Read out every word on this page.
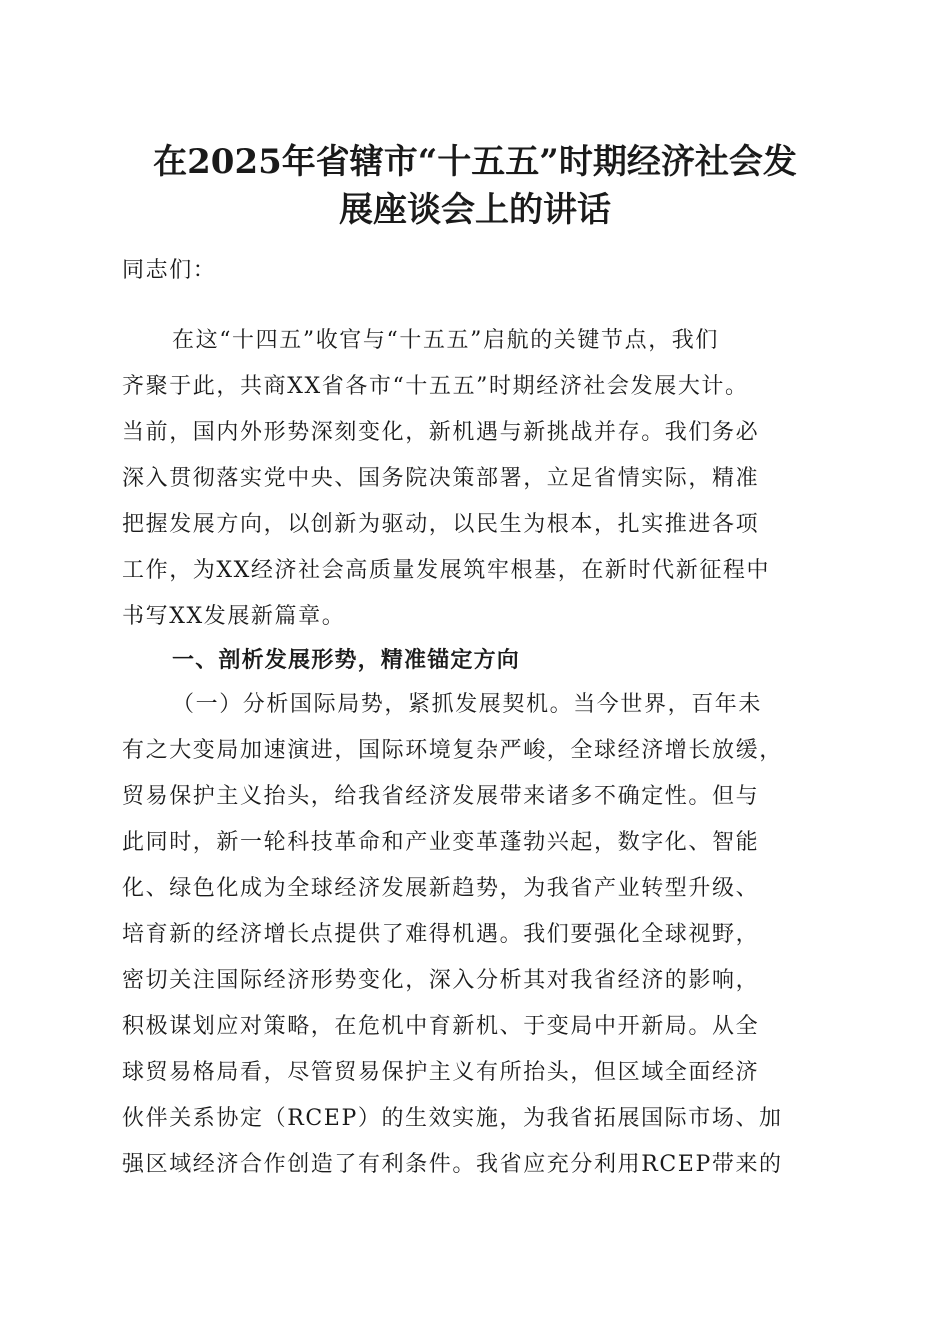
在2025年省辖市“十五五”时期经济社会发
展座谈会上的讲话
同志们：
在这“十四五”收官与“十五五”启航的关键节点，我们
齐聚于此，共商XX省各市“十五五”时期经济社会发展大计。
当前，国内外形势深刻变化，新机遇与新挑战并存。我们务必
深入贯彻落实党中央、国务院决策部署，立足省情实际，精准
把握发展方向，以创新为驱动，以民生为根本，扎实推进各项
工作，为XX经济社会高质量发展筑牢根基，在新时代新征程中
书写XX发展新篇章。
一、剖析发展形势，精准锚定方向
（一）分析国际局势，紧抓发展契机。当今世界，百年未
有之大变局加速演进，国际环境复杂严峻，全球经济增长放缓，
贸易保护主义抬头，给我省经济发展带来诸多不确定性。但与
此同时，新一轮科技革命和产业变革蓬勃兴起，数字化、智能
化、绿色化成为全球经济发展新趋势，为我省产业转型升级、
培育新的经济增长点提供了难得机遇。我们要强化全球视野，
密切关注国际经济形势变化，深入分析其对我省经济的影响，
积极谋划应对策略，在危机中育新机、于变局中开新局。从全
球贸易格局看，尽管贸易保护主义有所抬头，但区域全面经济
伙伴关系协定（RCEP）的生效实施，为我省拓展国际市场、加
强区域经济合作创造了有利条件。我省应充分利用RCEP带来的
